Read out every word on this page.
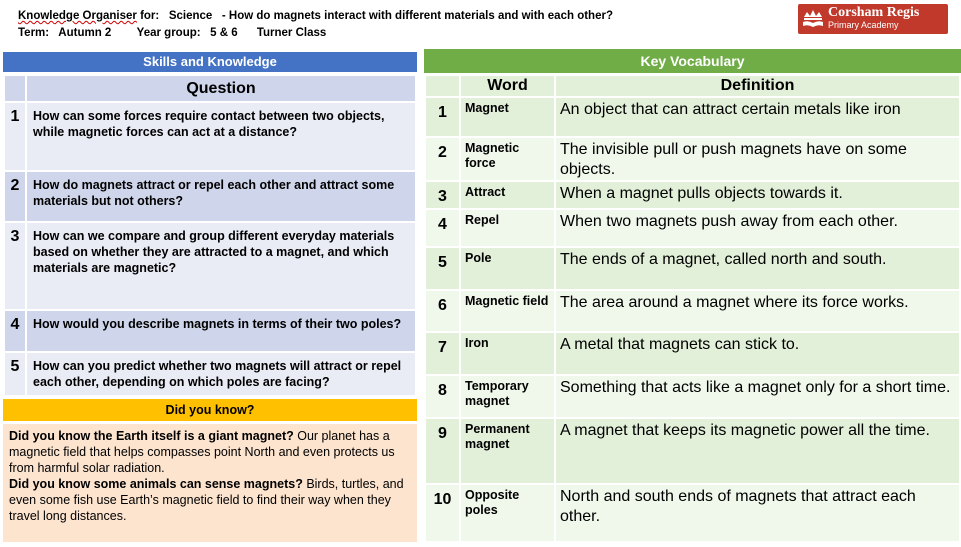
Knowledge Organiser for: Science - How do magnets interact with different materials and with each other?
Term: Autumn 2 Year group: 5 & 6 Turner Class
Corsham Regis
Primary Academy
Skills and Knowledge
	Question
1	How can some forces require contact between two objects, while magnetic forces can act at a distance?
2	How do magnets attract or repel each other and attract some materials but not others?
3	How can we compare and group different everyday materials based on whether they are attracted to a magnet, and which materials are magnetic?
4	How would you describe magnets in terms of their two poles?
5	How can you predict whether two magnets will attract or repel each other, depending on which poles are facing?
Did you know?

Did you know the Earth itself is a giant magnet? Our planet has a magnetic field that helps compasses point North and even protects us from harmful solar radiation.

Did you know some animals can sense magnets? Birds, turtles, and even some fish use Earth’s magnetic field to find their way when they travel long distances.

Key Vocabulary
	Word	Definition
1	Magnet	An object that can attract certain metals like iron
2	Magnetic force	The invisible pull or push magnets have on some objects.
3	Attract	When a magnet pulls objects towards it.
4	Repel	When two magnets push away from each other.
5	Pole	The ends of a magnet, called north and south.
6	Magnetic field	The area around a magnet where its force works.
7	Iron	A metal that magnets can stick to.
8	Temporary magnet	Something that acts like a magnet only for a short time.
9	Permanent magnet	A magnet that keeps its magnetic power all the time.
10	Opposite poles	North and south ends of magnets that attract each other.
